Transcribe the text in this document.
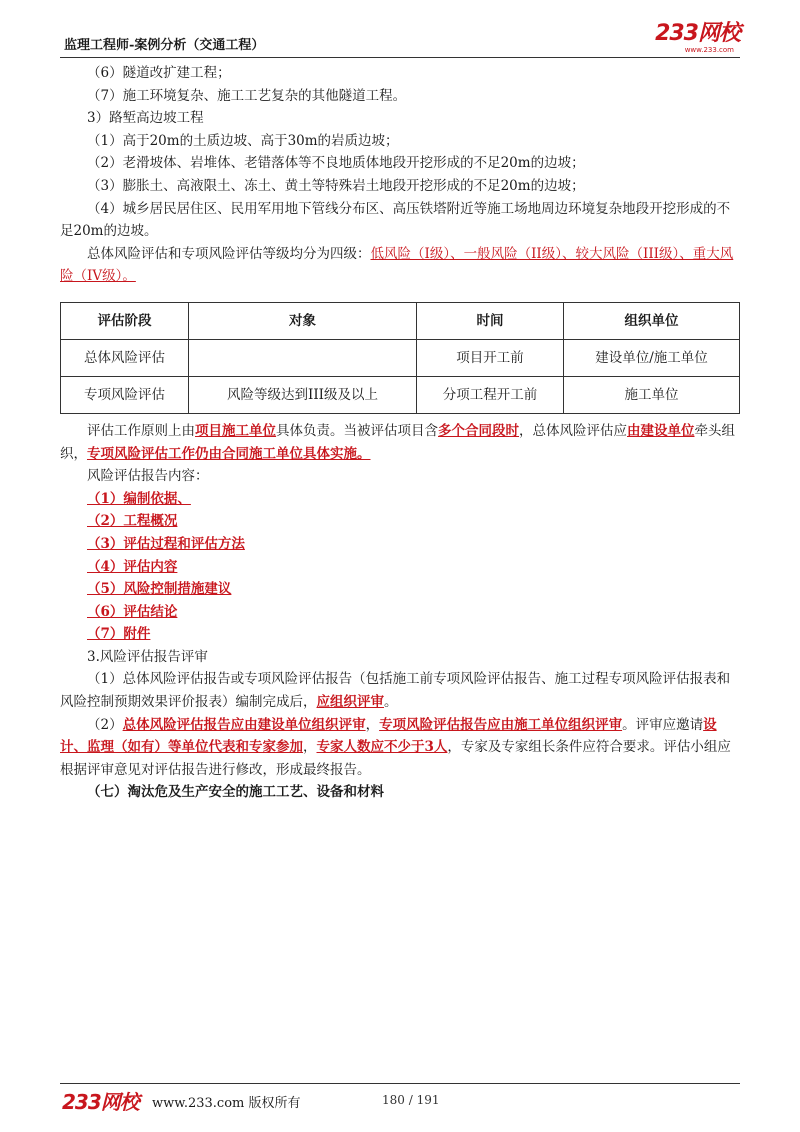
监理工程师-案例分析（交通工程）	233网校
www.233.com

（6）隧道改扩建工程；

（7）施工环境复杂、施工工艺复杂的其他隧道工程。

3）路堑高边坡工程

（1）高于20m的土质边坡、高于30m的岩质边坡；

（2）老滑坡体、岩堆体、老错落体等不良地质体地段开挖形成的不足20m的边坡；

（3）膨胀土、高液限土、冻土、黄土等特殊岩土地段开挖形成的不足20m的边坡；

（4）城乡居民居住区、民用军用地下管线分布区、高压铁塔附近等施工场地周边环境复杂地段开挖形成的不足20m的边坡。

总体风险评估和专项风险评估等级均分为四级：低风险（I级）、一般风险（II级）、较大风险（III级）、重大风险（IV级）。

评估阶段	对象	时间	组织单位
总体风险评估		项目开工前	建设单位/施工单位
专项风险评估	风险等级达到III级及以上	分项工程开工前	施工单位

评估工作原则上由项目施工单位具体负责。当被评估项目含多个合同段时，总体风险评估应由建设单位牵头组织，专项风险评估工作仍由合同施工单位具体实施。

风险评估报告内容：

（1）编制依据、

（2）工程概况

（3）评估过程和评估方法

（4）评估内容

（5）风险控制措施建议

（6）评估结论

（7）附件

3.风险评估报告评审

（1）总体风险评估报告或专项风险评估报告（包括施工前专项风险评估报告、施工过程专项风险评估报表和风险控制预期效果评价报表）编制完成后，应组织评审。

（2）总体风险评估报告应由建设单位组织评审，专项风险评估报告应由施工单位组织评审。评审应邀请设计、监理（如有）等单位代表和专家参加，专家人数应不少于3人，专家及专家组长条件应符合要求。评估小组应根据评审意见对评估报告进行修改，形成最终报告。

（七）淘汰危及生产安全的施工工艺、设备和材料

233网校 www.233.com 版权所有	180 / 191
